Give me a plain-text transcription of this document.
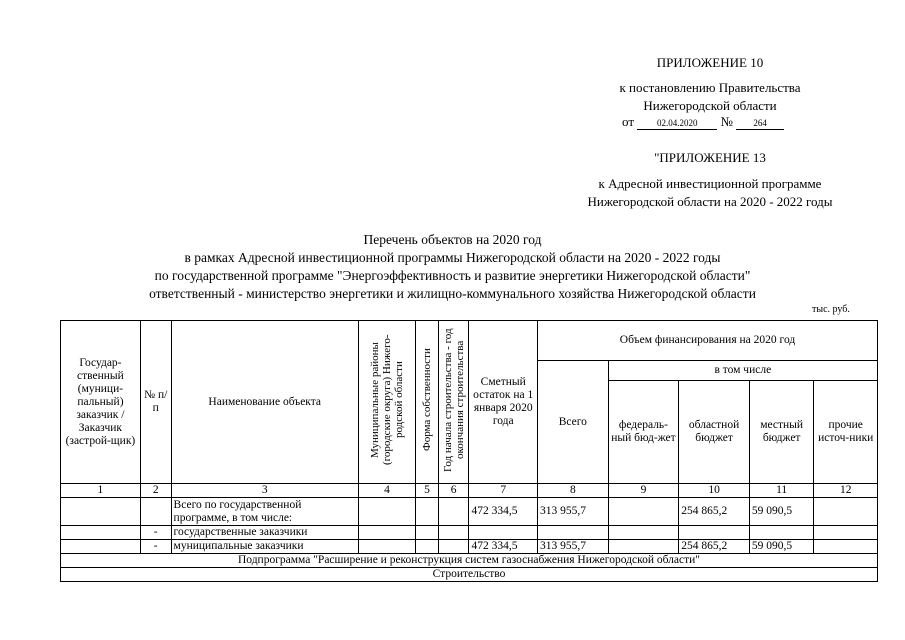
ПРИЛОЖЕНИЕ 10
к постановлению Правительства
Нижегородской области
от	02.04.2020 № 264
"ПРИЛОЖЕНИЕ 13
к Адресной инвестиционной программе
Нижегородской области на 2020 - 2022 годы
Перечень объектов на 2020 год
в рамках Адресной инвестиционной программы Нижегородской области на 2020 - 2022 годы
по государственной программе "Энергоэффективность и развитие энергетики Нижегородской области"
ответственный - министерство энергетики и жилищно-коммунального хозяйства Нижегородской области
тыс. руб.
Государ-ственный (муници-пальный) заказчик / Заказчик (застрой-щик)	№ п/п	Наименование объекта	Муниципальные районы (городские округа) Нижего-родской области	Форма собственности	Год начала строительства - год окончания строительства	Сметный остаток на 1 января 2020 года	Объем финансирования на 2020 год				
							Всего	в том числе			
								федераль-ный бюд-жет	областной бюджет	местный бюджет	прочие источ-ники
1	2	3	4	5	6	7	8	9	10	11	12
		Всего по государственной программе, в том числе:				472 334,5	313 955,7		254 865,2	59 090,5	
	-	государственные заказчики									
	-	муниципальные заказчики				472 334,5	313 955,7		254 865,2	59 090,5	
Подпрограмма "Расширение и реконструкция систем газоснабжения Нижегородской области"											
Строительство											
